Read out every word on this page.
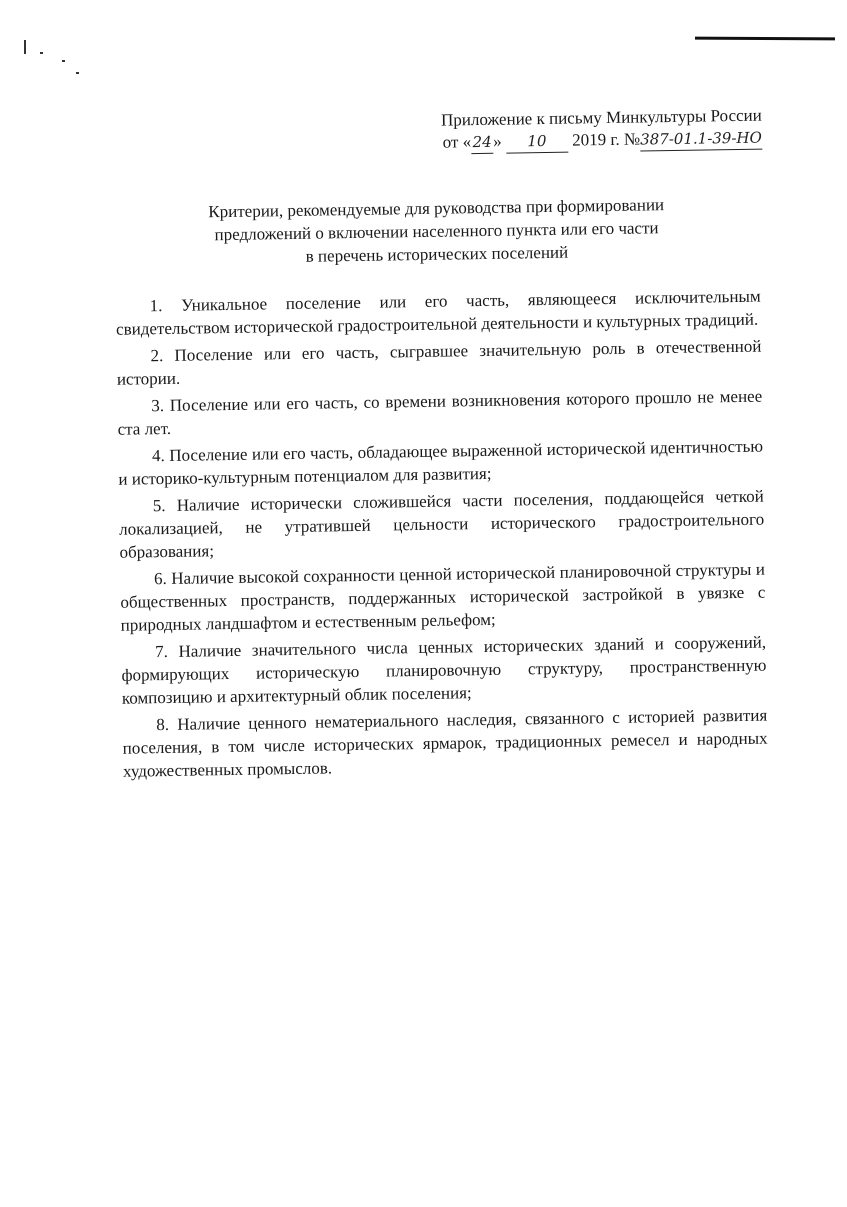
Приложение к письму Минкультуры России
от «24» 10 2019 г. №387-01.1-39-НО
Критерии, рекомендуемые для руководства при формировании
предложений о включении населенного пункта или его части
в перечень исторических поселений
1. Уникальное поселение или его часть, являющееся исключительным свидетельством исторической градостроительной деятельности и культурных традиций.
2. Поселение или его часть, сыгравшее значительную роль в отечественной истории.
3. Поселение или его часть, со времени возникновения которого прошло не менее ста лет.
4. Поселение или его часть, обладающее выраженной исторической идентичностью и историко-культурным потенциалом для развития;
5. Наличие исторически сложившейся части поселения, поддающейся четкой локализацией, не утратившей цельности исторического градостроительного образования;
6. Наличие высокой сохранности ценной исторической планировочной структуры и общественных пространств, поддержанных исторической застройкой в увязке с природных ландшафтом и естественным рельефом;
7. Наличие значительного числа ценных исторических зданий и сооружений, формирующих историческую планировочную структуру, пространственную композицию и архитектурный облик поселения;
8. Наличие ценного нематериального наследия, связанного с историей развития поселения, в том числе исторических ярмарок, традиционных ремесел и народных художественных промыслов.
